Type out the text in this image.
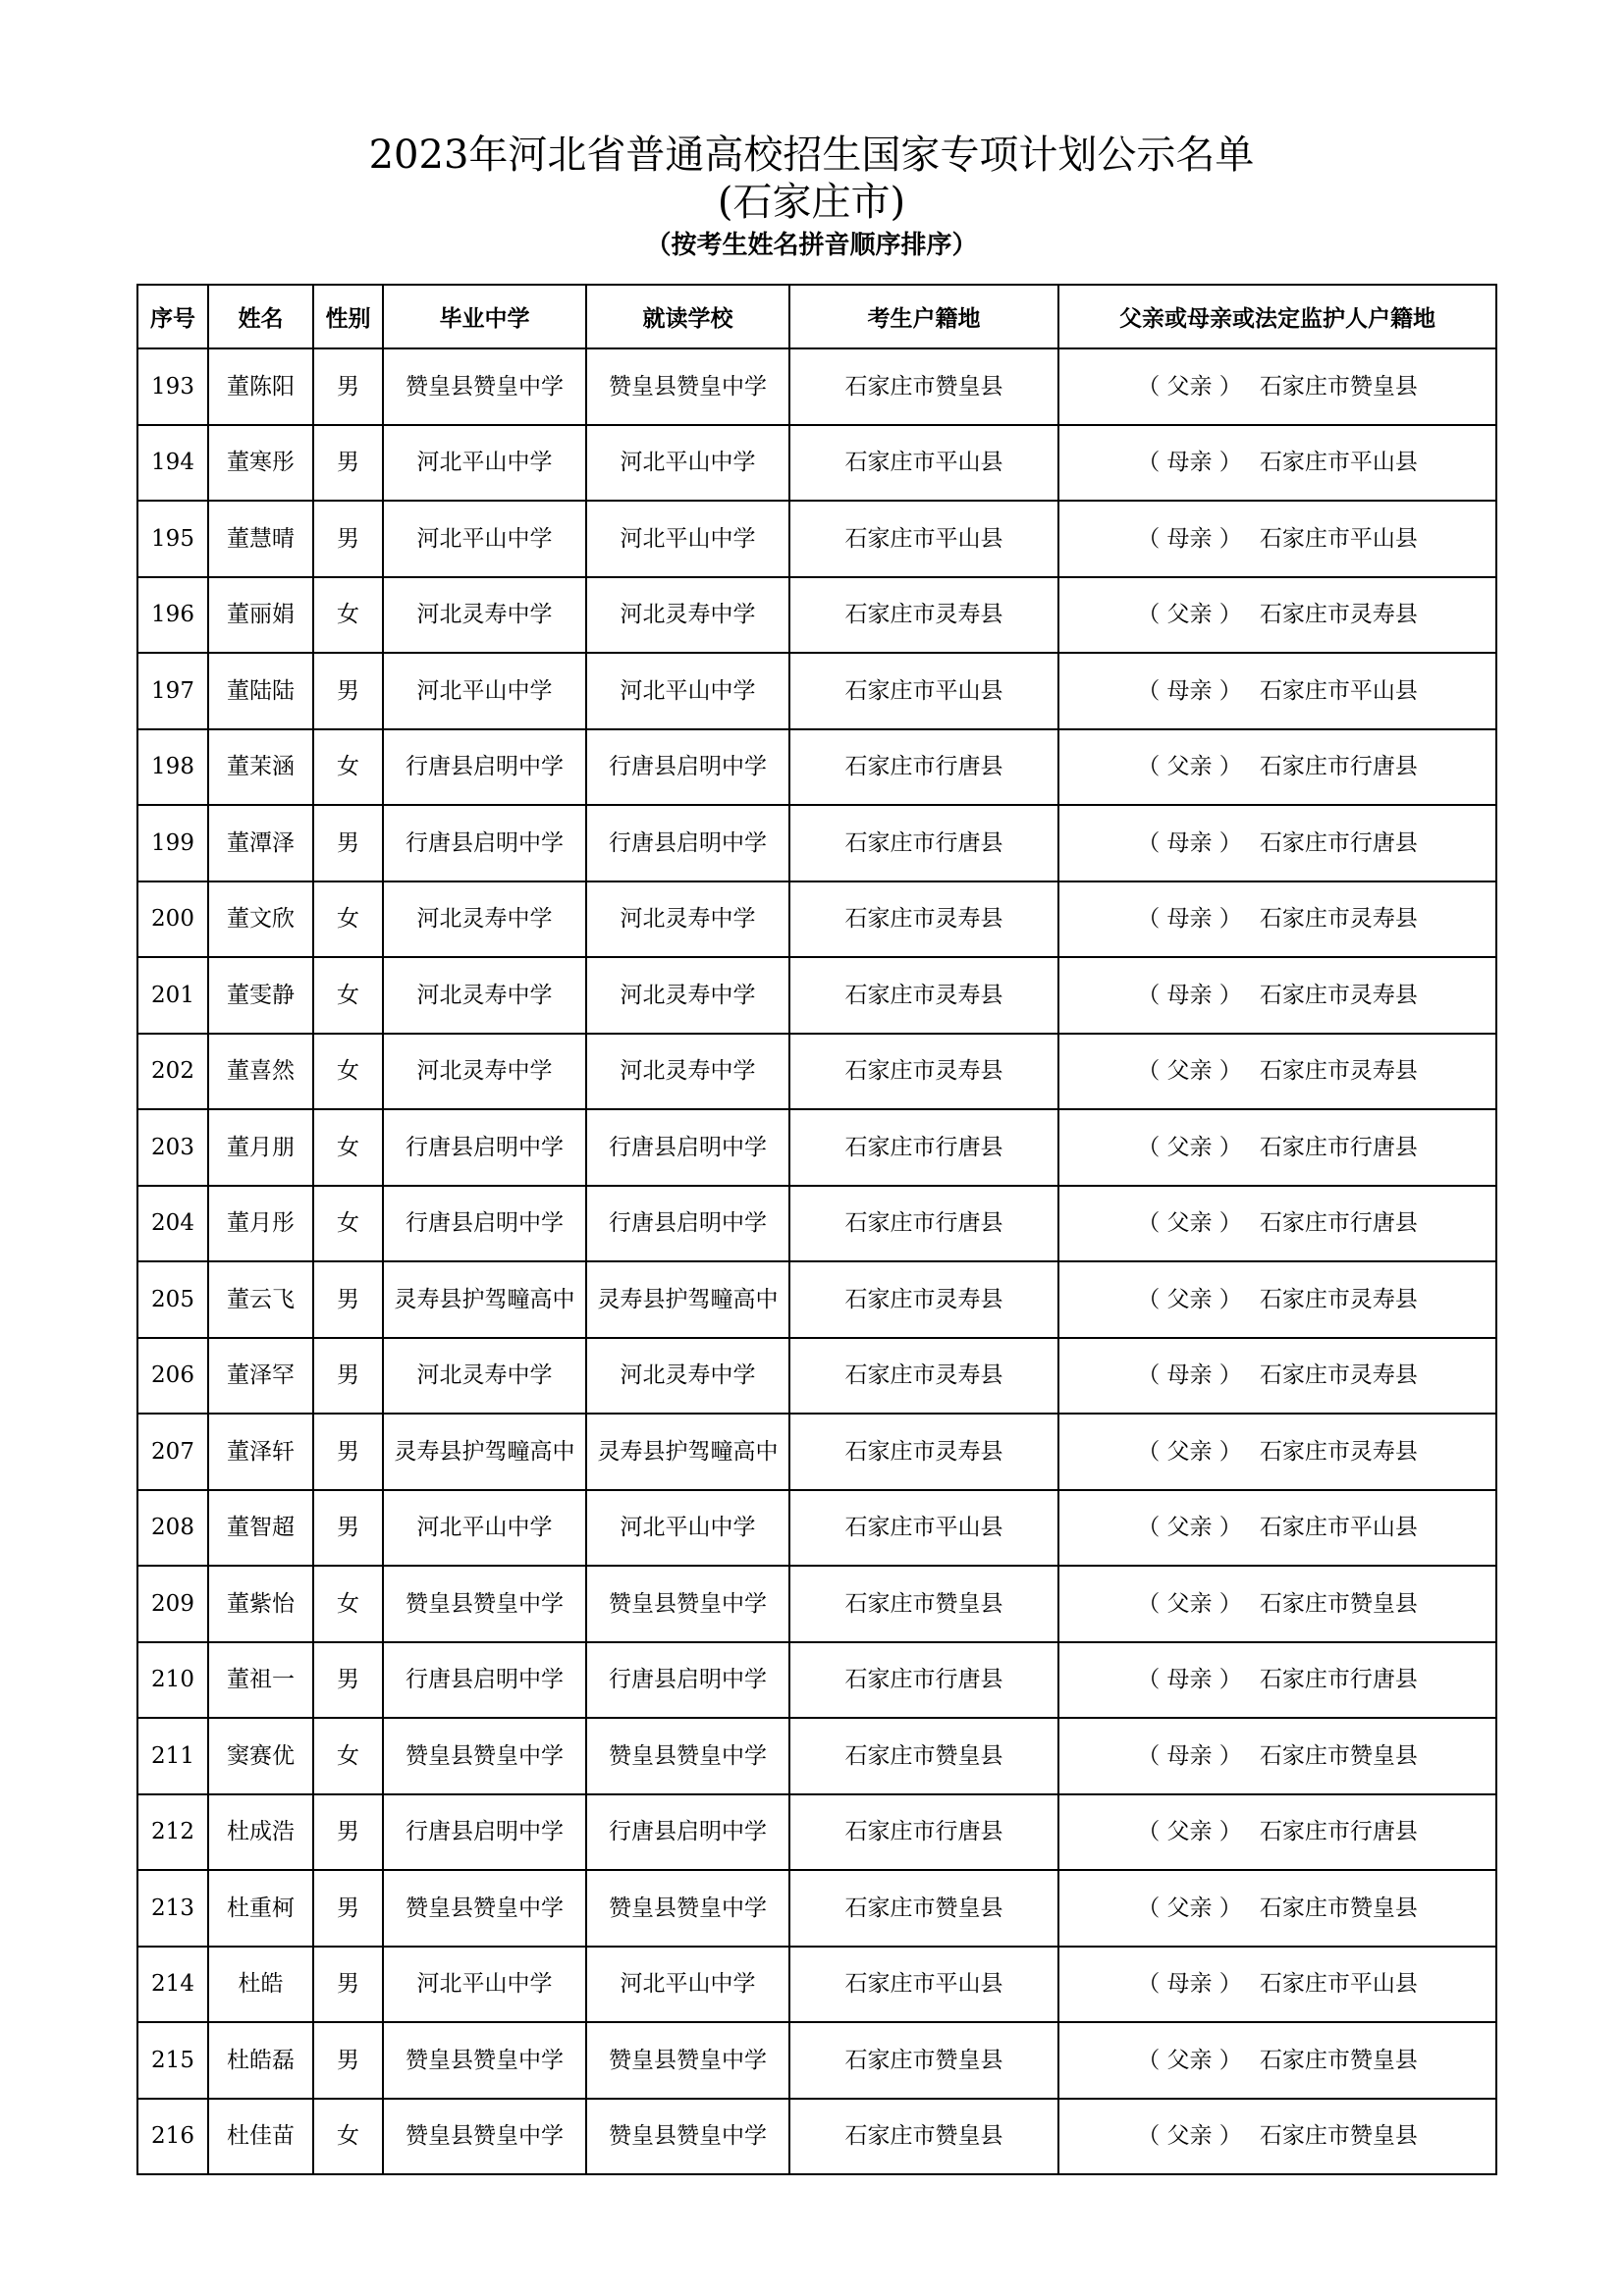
2023年河北省普通高校招生国家专项计划公示名单
(石家庄市)
（按考生姓名拼音顺序排序）
序号	姓名	性别	毕业中学	就读学校	考生户籍地	父亲或母亲或法定监护人户籍地
193	董陈阳	男	赞皇县赞皇中学	赞皇县赞皇中学	石家庄市赞皇县	（ 父亲 ） 石家庄市赞皇县
194	董寒彤	男	河北平山中学	河北平山中学	石家庄市平山县	（ 母亲 ） 石家庄市平山县
195	董慧晴	男	河北平山中学	河北平山中学	石家庄市平山县	（ 母亲 ） 石家庄市平山县
196	董丽娟	女	河北灵寿中学	河北灵寿中学	石家庄市灵寿县	（ 父亲 ） 石家庄市灵寿县
197	董陆陆	男	河北平山中学	河北平山中学	石家庄市平山县	（ 母亲 ） 石家庄市平山县
198	董茉涵	女	行唐县启明中学	行唐县启明中学	石家庄市行唐县	（ 父亲 ） 石家庄市行唐县
199	董潭泽	男	行唐县启明中学	行唐县启明中学	石家庄市行唐县	（ 母亲 ） 石家庄市行唐县
200	董文欣	女	河北灵寿中学	河北灵寿中学	石家庄市灵寿县	（ 母亲 ） 石家庄市灵寿县
201	董雯静	女	河北灵寿中学	河北灵寿中学	石家庄市灵寿县	（ 母亲 ） 石家庄市灵寿县
202	董喜然	女	河北灵寿中学	河北灵寿中学	石家庄市灵寿县	（ 父亲 ） 石家庄市灵寿县
203	董月朋	女	行唐县启明中学	行唐县启明中学	石家庄市行唐县	（ 父亲 ） 石家庄市行唐县
204	董月彤	女	行唐县启明中学	行唐县启明中学	石家庄市行唐县	（ 父亲 ） 石家庄市行唐县
205	董云飞	男	灵寿县护驾疃高中	灵寿县护驾疃高中	石家庄市灵寿县	（ 父亲 ） 石家庄市灵寿县
206	董泽罕	男	河北灵寿中学	河北灵寿中学	石家庄市灵寿县	（ 母亲 ） 石家庄市灵寿县
207	董泽轩	男	灵寿县护驾疃高中	灵寿县护驾疃高中	石家庄市灵寿县	（ 父亲 ） 石家庄市灵寿县
208	董智超	男	河北平山中学	河北平山中学	石家庄市平山县	（ 父亲 ） 石家庄市平山县
209	董紫怡	女	赞皇县赞皇中学	赞皇县赞皇中学	石家庄市赞皇县	（ 父亲 ） 石家庄市赞皇县
210	董祖一	男	行唐县启明中学	行唐县启明中学	石家庄市行唐县	（ 母亲 ） 石家庄市行唐县
211	窦赛优	女	赞皇县赞皇中学	赞皇县赞皇中学	石家庄市赞皇县	（ 母亲 ） 石家庄市赞皇县
212	杜成浩	男	行唐县启明中学	行唐县启明中学	石家庄市行唐县	（ 父亲 ） 石家庄市行唐县
213	杜重柯	男	赞皇县赞皇中学	赞皇县赞皇中学	石家庄市赞皇县	（ 父亲 ） 石家庄市赞皇县
214	杜皓	男	河北平山中学	河北平山中学	石家庄市平山县	（ 母亲 ） 石家庄市平山县
215	杜皓磊	男	赞皇县赞皇中学	赞皇县赞皇中学	石家庄市赞皇县	（ 父亲 ） 石家庄市赞皇县
216	杜佳苗	女	赞皇县赞皇中学	赞皇县赞皇中学	石家庄市赞皇县	（ 父亲 ） 石家庄市赞皇县
